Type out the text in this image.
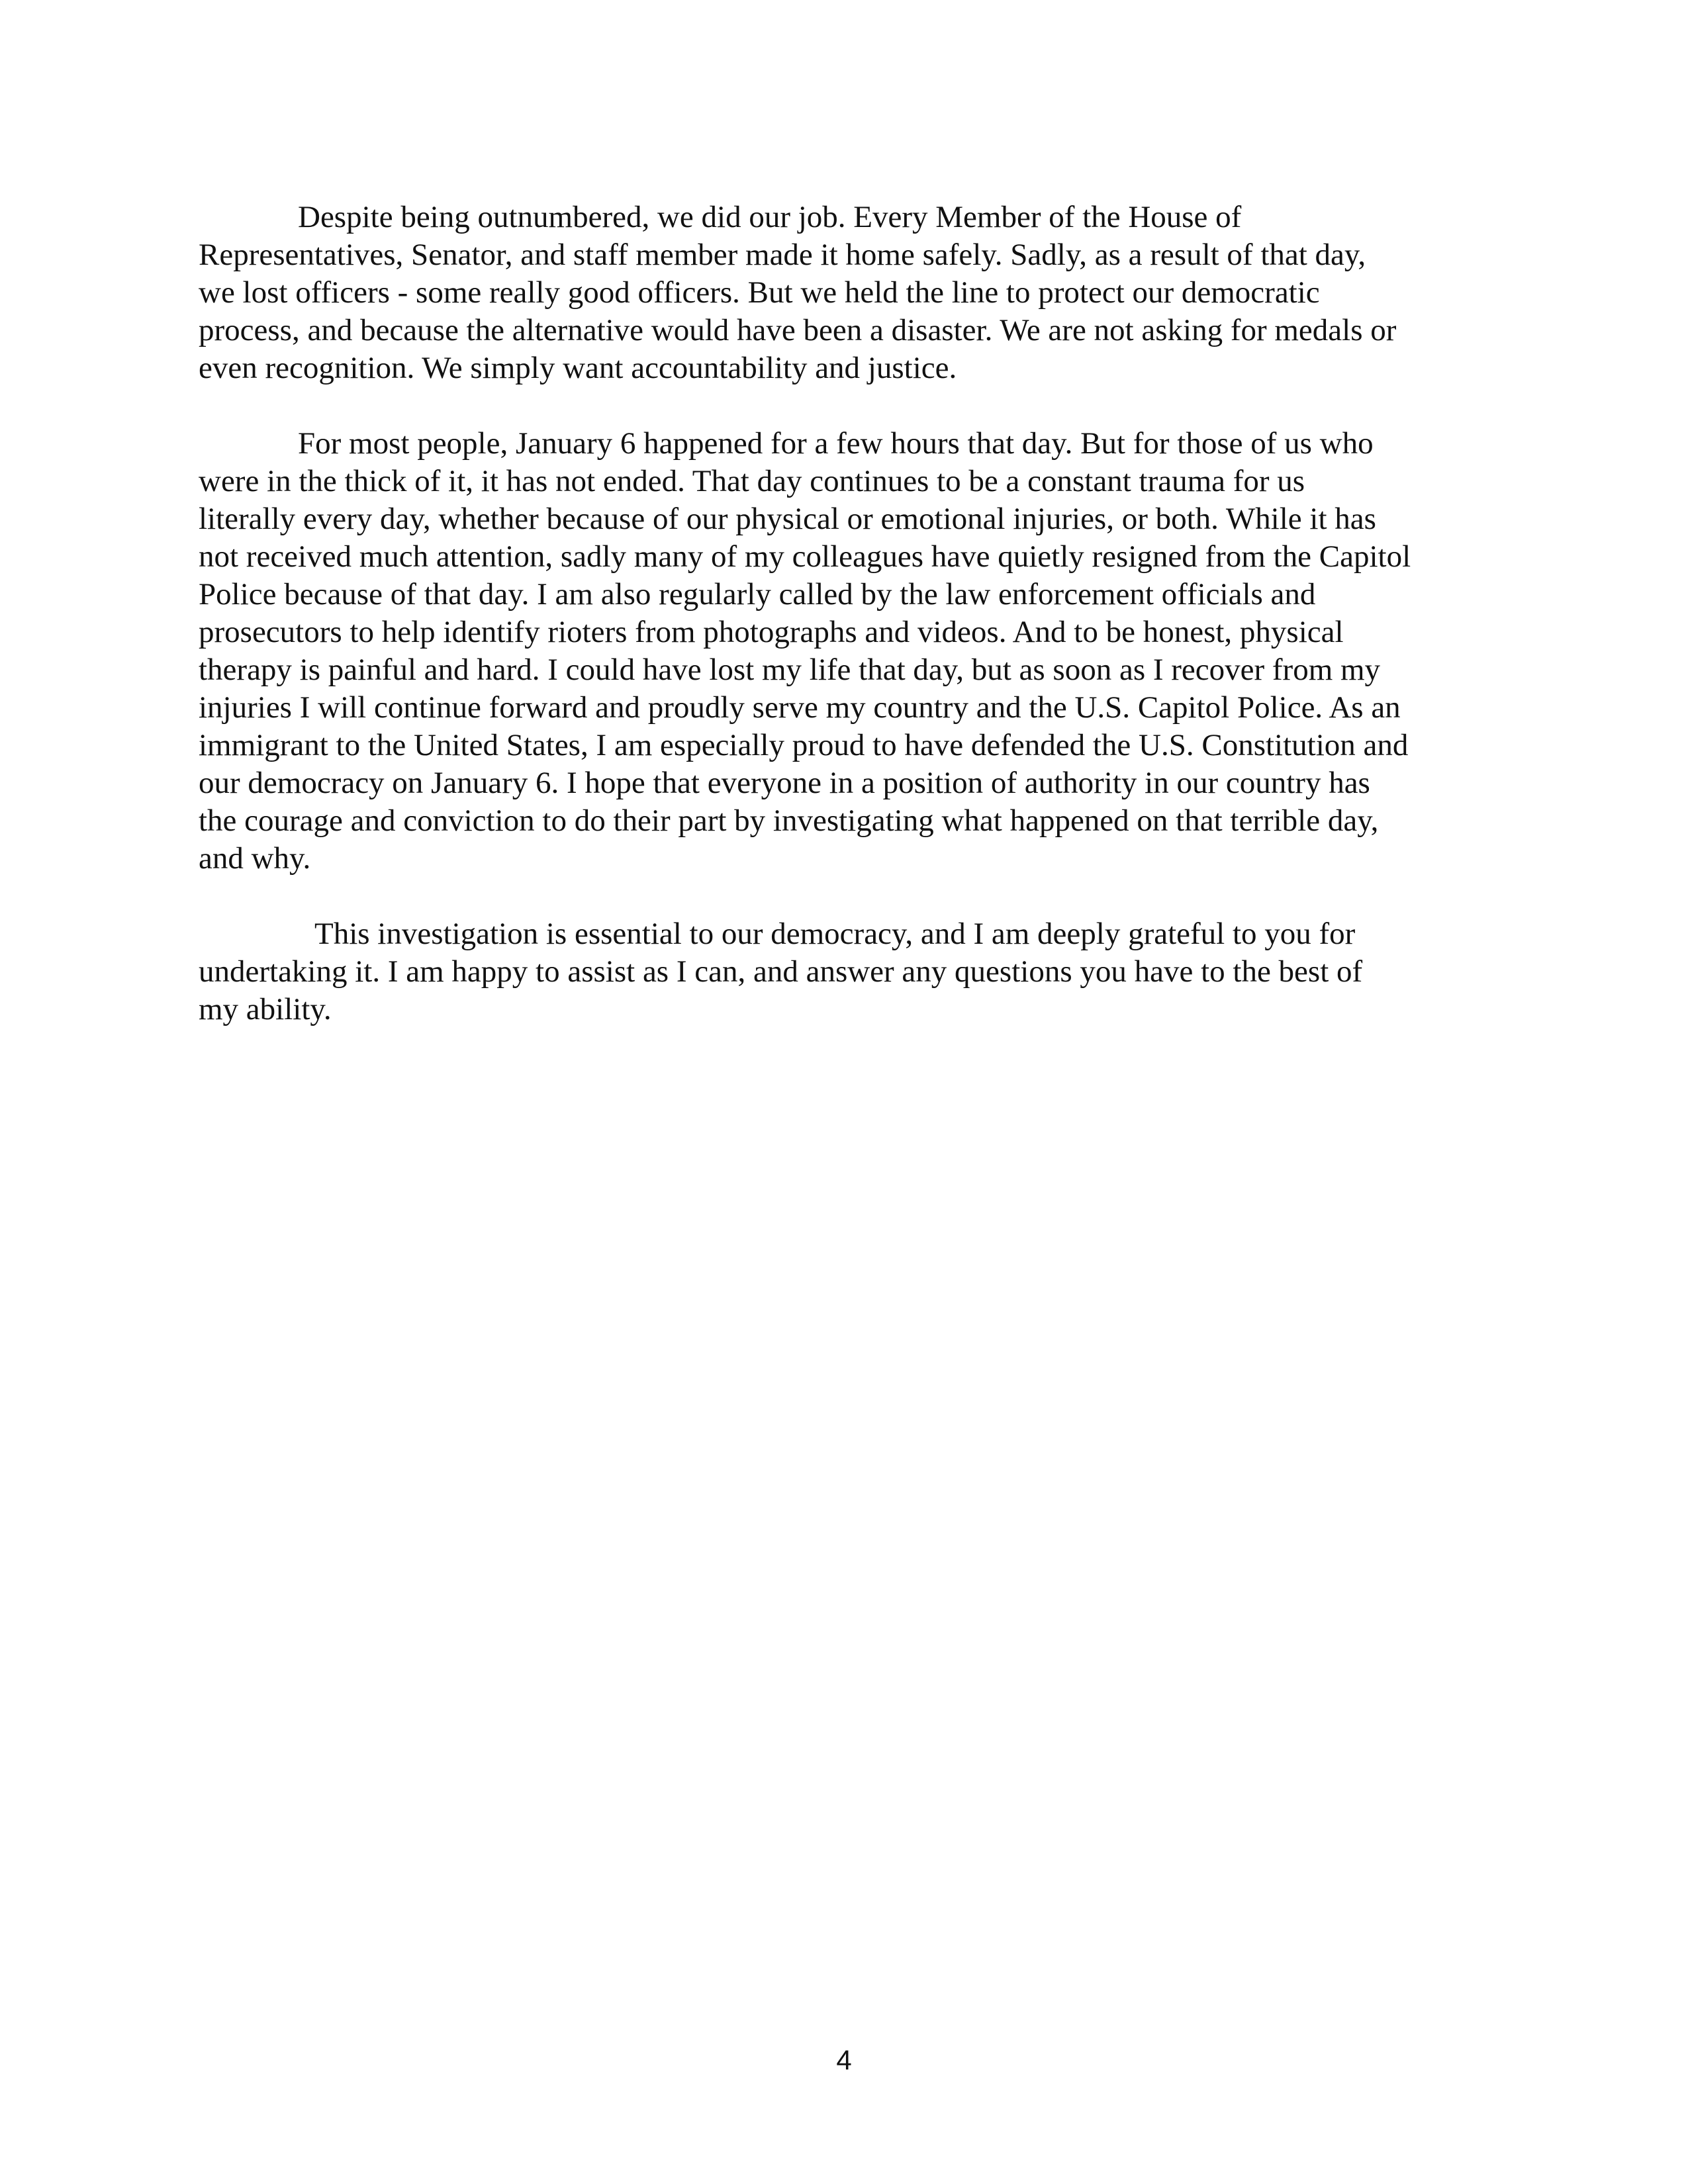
Despite being outnumbered, we did our job. Every Member of the House of
Representatives, Senator, and staff member made it home safely. Sadly, as a result of that day,
we lost officers - some really good officers. But we held the line to protect our democratic
process, and because the alternative would have been a disaster. We are not asking for medals or
even recognition. We simply want accountability and justice.

For most people, January 6 happened for a few hours that day. But for those of us who
were in the thick of it, it has not ended. That day continues to be a constant trauma for us
literally every day, whether because of our physical or emotional injuries, or both. While it has
not received much attention, sadly many of my colleagues have quietly resigned from the Capitol
Police because of that day. I am also regularly called by the law enforcement officials and
prosecutors to help identify rioters from photographs and videos. And to be honest, physical
therapy is painful and hard. I could have lost my life that day, but as soon as I recover from my
injuries I will continue forward and proudly serve my country and the U.S. Capitol Police. As an
immigrant to the United States, I am especially proud to have defended the U.S. Constitution and
our democracy on January 6. I hope that everyone in a position of authority in our country has
the courage and conviction to do their part by investigating what happened on that terrible day,
and why.

This investigation is essential to our democracy, and I am deeply grateful to you for
undertaking it. I am happy to assist as I can, and answer any questions you have to the best of
my ability.

4
